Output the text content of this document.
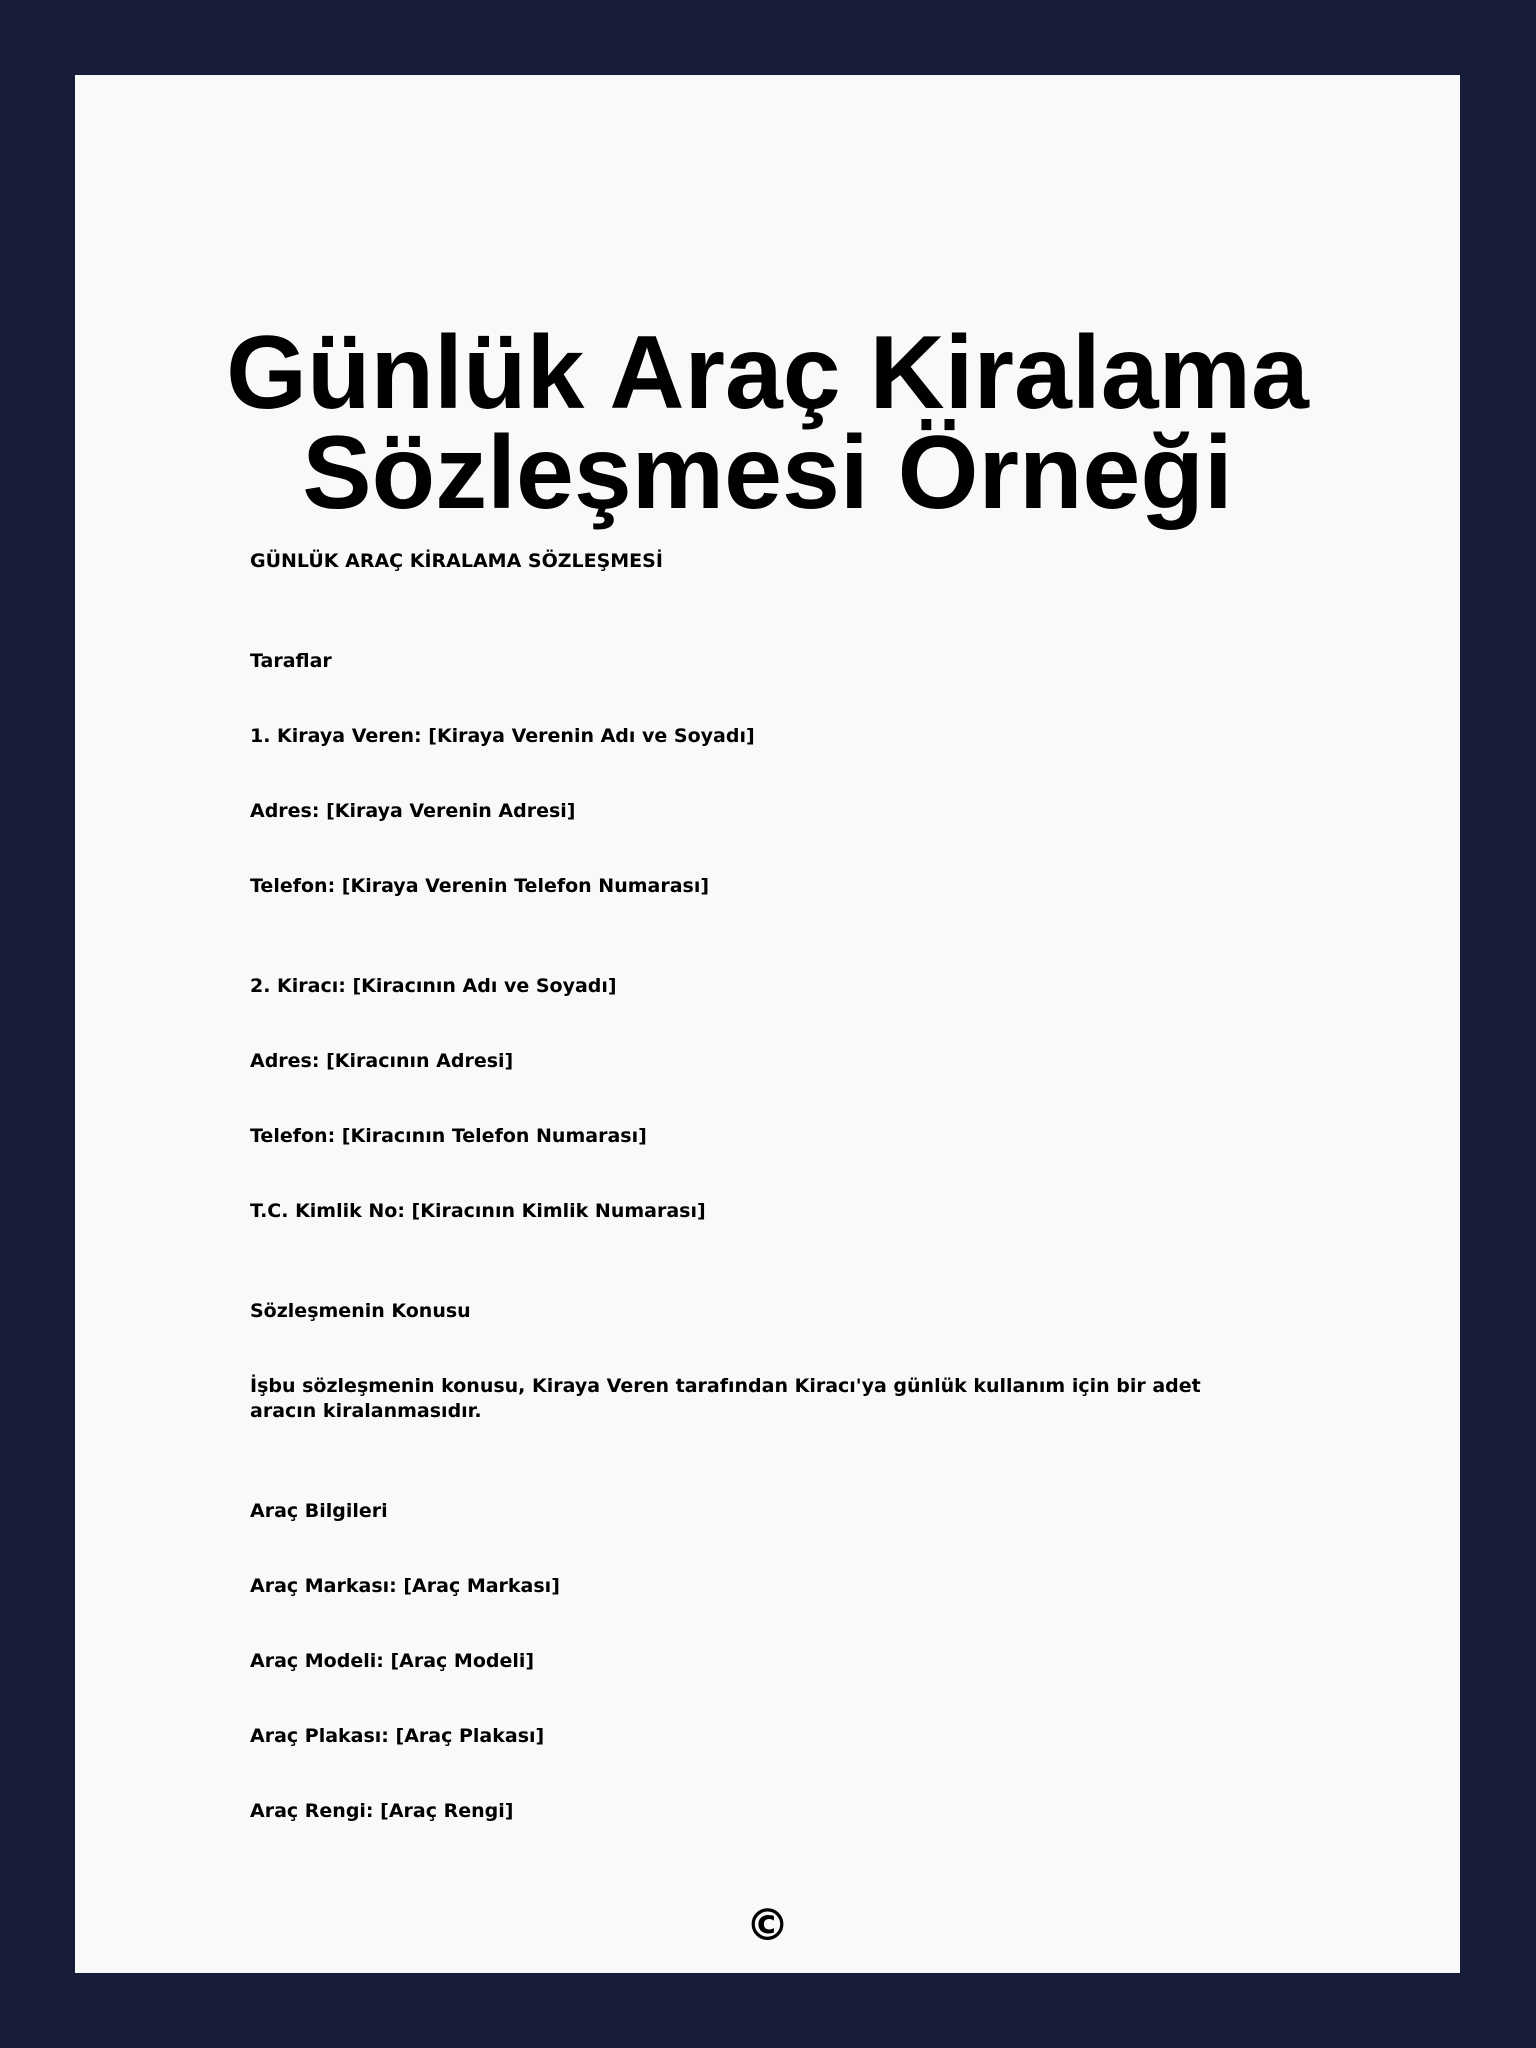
Günlük Araç Kiralama
Sözleşmesi Örneği

GÜNLÜK ARAÇ KİRALAMA SÖZLEŞMESİ

Taraflar

1. Kiraya Veren: [Kiraya Verenin Adı ve Soyadı]

Adres: [Kiraya Verenin Adresi]

Telefon: [Kiraya Verenin Telefon Numarası]

2. Kiracı: [Kiracının Adı ve Soyadı]

Adres: [Kiracının Adresi]

Telefon: [Kiracının Telefon Numarası]

T.C. Kimlik No: [Kiracının Kimlik Numarası]

Sözleşmenin Konusu

İşbu sözleşmenin konusu, Kiraya Veren tarafından Kiracı'ya günlük kullanım için bir adet aracın kiralanmasıdır.

Araç Bilgileri

Araç Markası: [Araç Markası]

Araç Modeli: [Araç Modeli]

Araç Plakası: [Araç Plakası]

Araç Rengi: [Araç Rengi]

©
